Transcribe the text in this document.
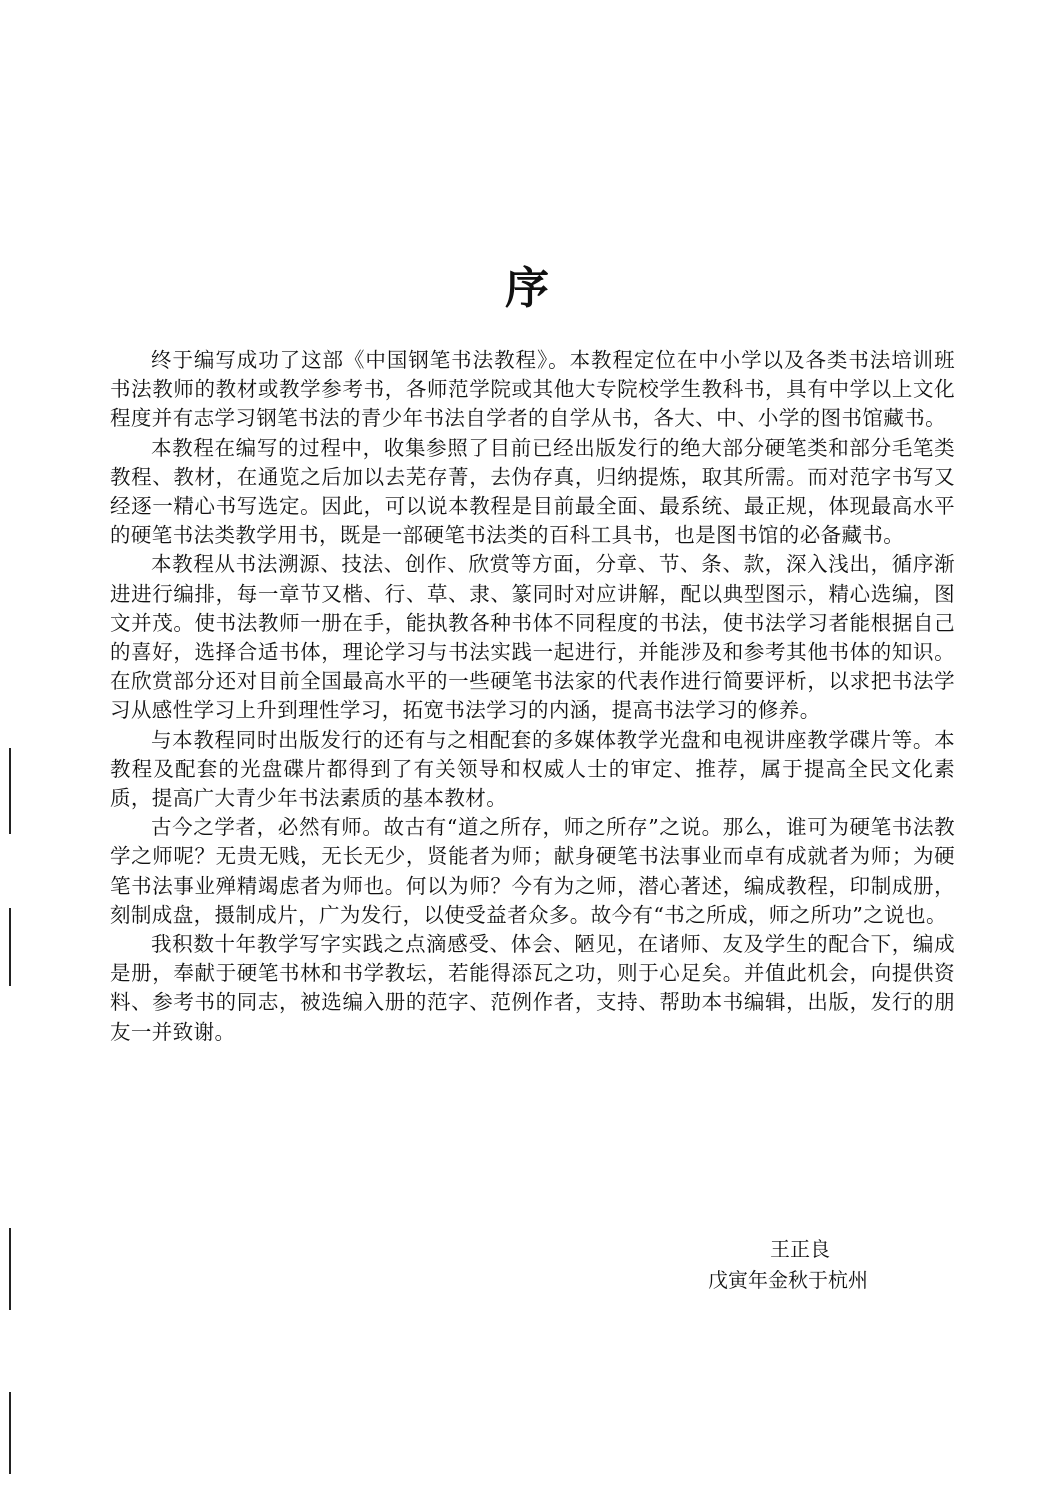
序

终于编写成功了这部《中国钢笔书法教程》。本教程定位在中小学以及各类书法培训班书法教师的教材或教学参考书，各师范学院或其他大专院校学生教科书，具有中学以上文化程度并有志学习钢笔书法的青少年书法自学者的自学从书，各大、中、小学的图书馆藏书。

本教程在编写的过程中，收集参照了目前已经出版发行的绝大部分硬笔类和部分毛笔类教程、教材，在通览之后加以去芜存菁，去伪存真，归纳提炼，取其所需。而对范字书写又经逐一精心书写选定。因此，可以说本教程是目前最全面、最系统、最正规，体现最高水平的硬笔书法类教学用书，既是一部硬笔书法类的百科工具书，也是图书馆的必备藏书。

本教程从书法溯源、技法、创作、欣赏等方面，分章、节、条、款，深入浅出，循序渐进进行编排，每一章节又楷、行、草、隶、篆同时对应讲解，配以典型图示，精心选编，图文并茂。使书法教师一册在手，能执教各种书体不同程度的书法，使书法学习者能根据自己的喜好，选择合适书体，理论学习与书法实践一起进行，并能涉及和参考其他书体的知识。在欣赏部分还对目前全国最高水平的一些硬笔书法家的代表作进行简要评析，以求把书法学习从感性学习上升到理性学习，拓宽书法学习的内涵，提高书法学习的修养。

与本教程同时出版发行的还有与之相配套的多媒体教学光盘和电视讲座教学碟片等。本教程及配套的光盘碟片都得到了有关领导和权威人士的审定、推荐，属于提高全民文化素质，提高广大青少年书法素质的基本教材。

古今之学者，必然有师。故古有“道之所存，师之所存”之说。那么，谁可为硬笔书法教学之师呢？无贵无贱，无长无少，贤能者为师；献身硬笔书法事业而卓有成就者为师；为硬笔书法事业殚精竭虑者为师也。何以为师？今有为之师，潜心著述，编成教程，印制成册，刻制成盘，摄制成片，广为发行，以使受益者众多。故今有“书之所成，师之所功”之说也。

我积数十年教学写字实践之点滴感受、体会、陋见，在诸师、友及学生的配合下，编成是册，奉献于硬笔书林和书学教坛，若能得添瓦之功，则于心足矣。并值此机会，向提供资料、参考书的同志，被选编入册的范字、范例作者，支持、帮助本书编辑，出版，发行的朋友一并致谢。

王正良
戊寅年金秋于杭州
